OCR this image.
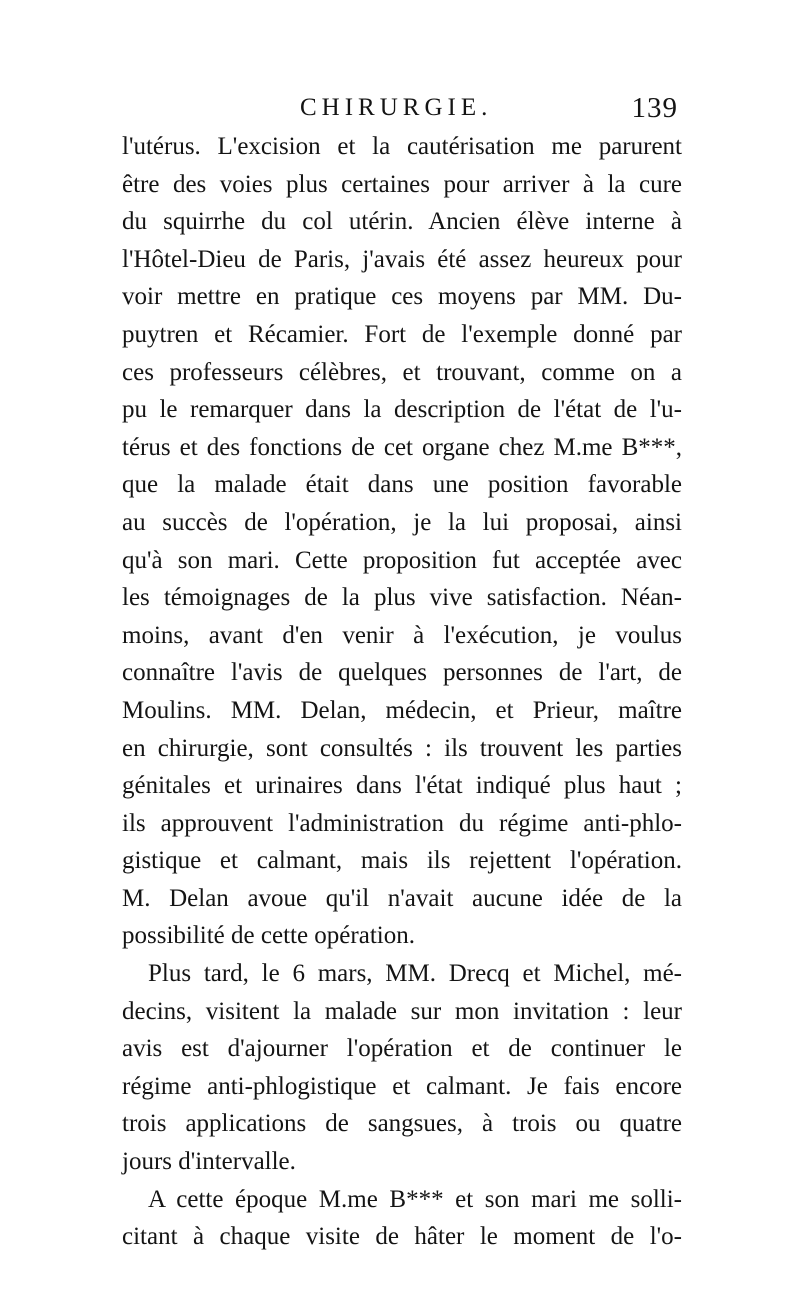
CHIRURGIE.	139
l'utérus. L'excision et la cautérisation me parurent
être des voies plus certaines pour arriver à la cure
du squirrhe du col utérin. Ancien élève interne à
l'Hôtel-Dieu de Paris, j'avais été assez heureux pour
voir mettre en pratique ces moyens par MM. Du-
puytren et Récamier. Fort de l'exemple donné par
ces professeurs célèbres, et trouvant, comme on a
pu le remarquer dans la description de l'état de l'u-
térus et des fonctions de cet organe chez M.me B***,
que la malade était dans une position favorable
au succès de l'opération, je la lui proposai, ainsi
qu'à son mari. Cette proposition fut acceptée avec
les témoignages de la plus vive satisfaction. Néan-
moins, avant d'en venir à l'exécution, je voulus
connaître l'avis de quelques personnes de l'art, de
Moulins. MM. Delan, médecin, et Prieur, maître
en chirurgie, sont consultés : ils trouvent les parties
génitales et urinaires dans l'état indiqué plus haut ;
ils approuvent l'administration du régime anti-phlo-
gistique et calmant, mais ils rejettent l'opération.
M. Delan avoue qu'il n'avait aucune idée de la
possibilité de cette opération.
Plus tard, le 6 mars, MM. Drecq et Michel, mé-
decins, visitent la malade sur mon invitation : leur
avis est d'ajourner l'opération et de continuer le
régime anti-phlogistique et calmant. Je fais encore
trois applications de sangsues, à trois ou quatre
jours d'intervalle.
A cette époque M.me B*** et son mari me solli-
citant à chaque visite de hâter le moment de l'o-
